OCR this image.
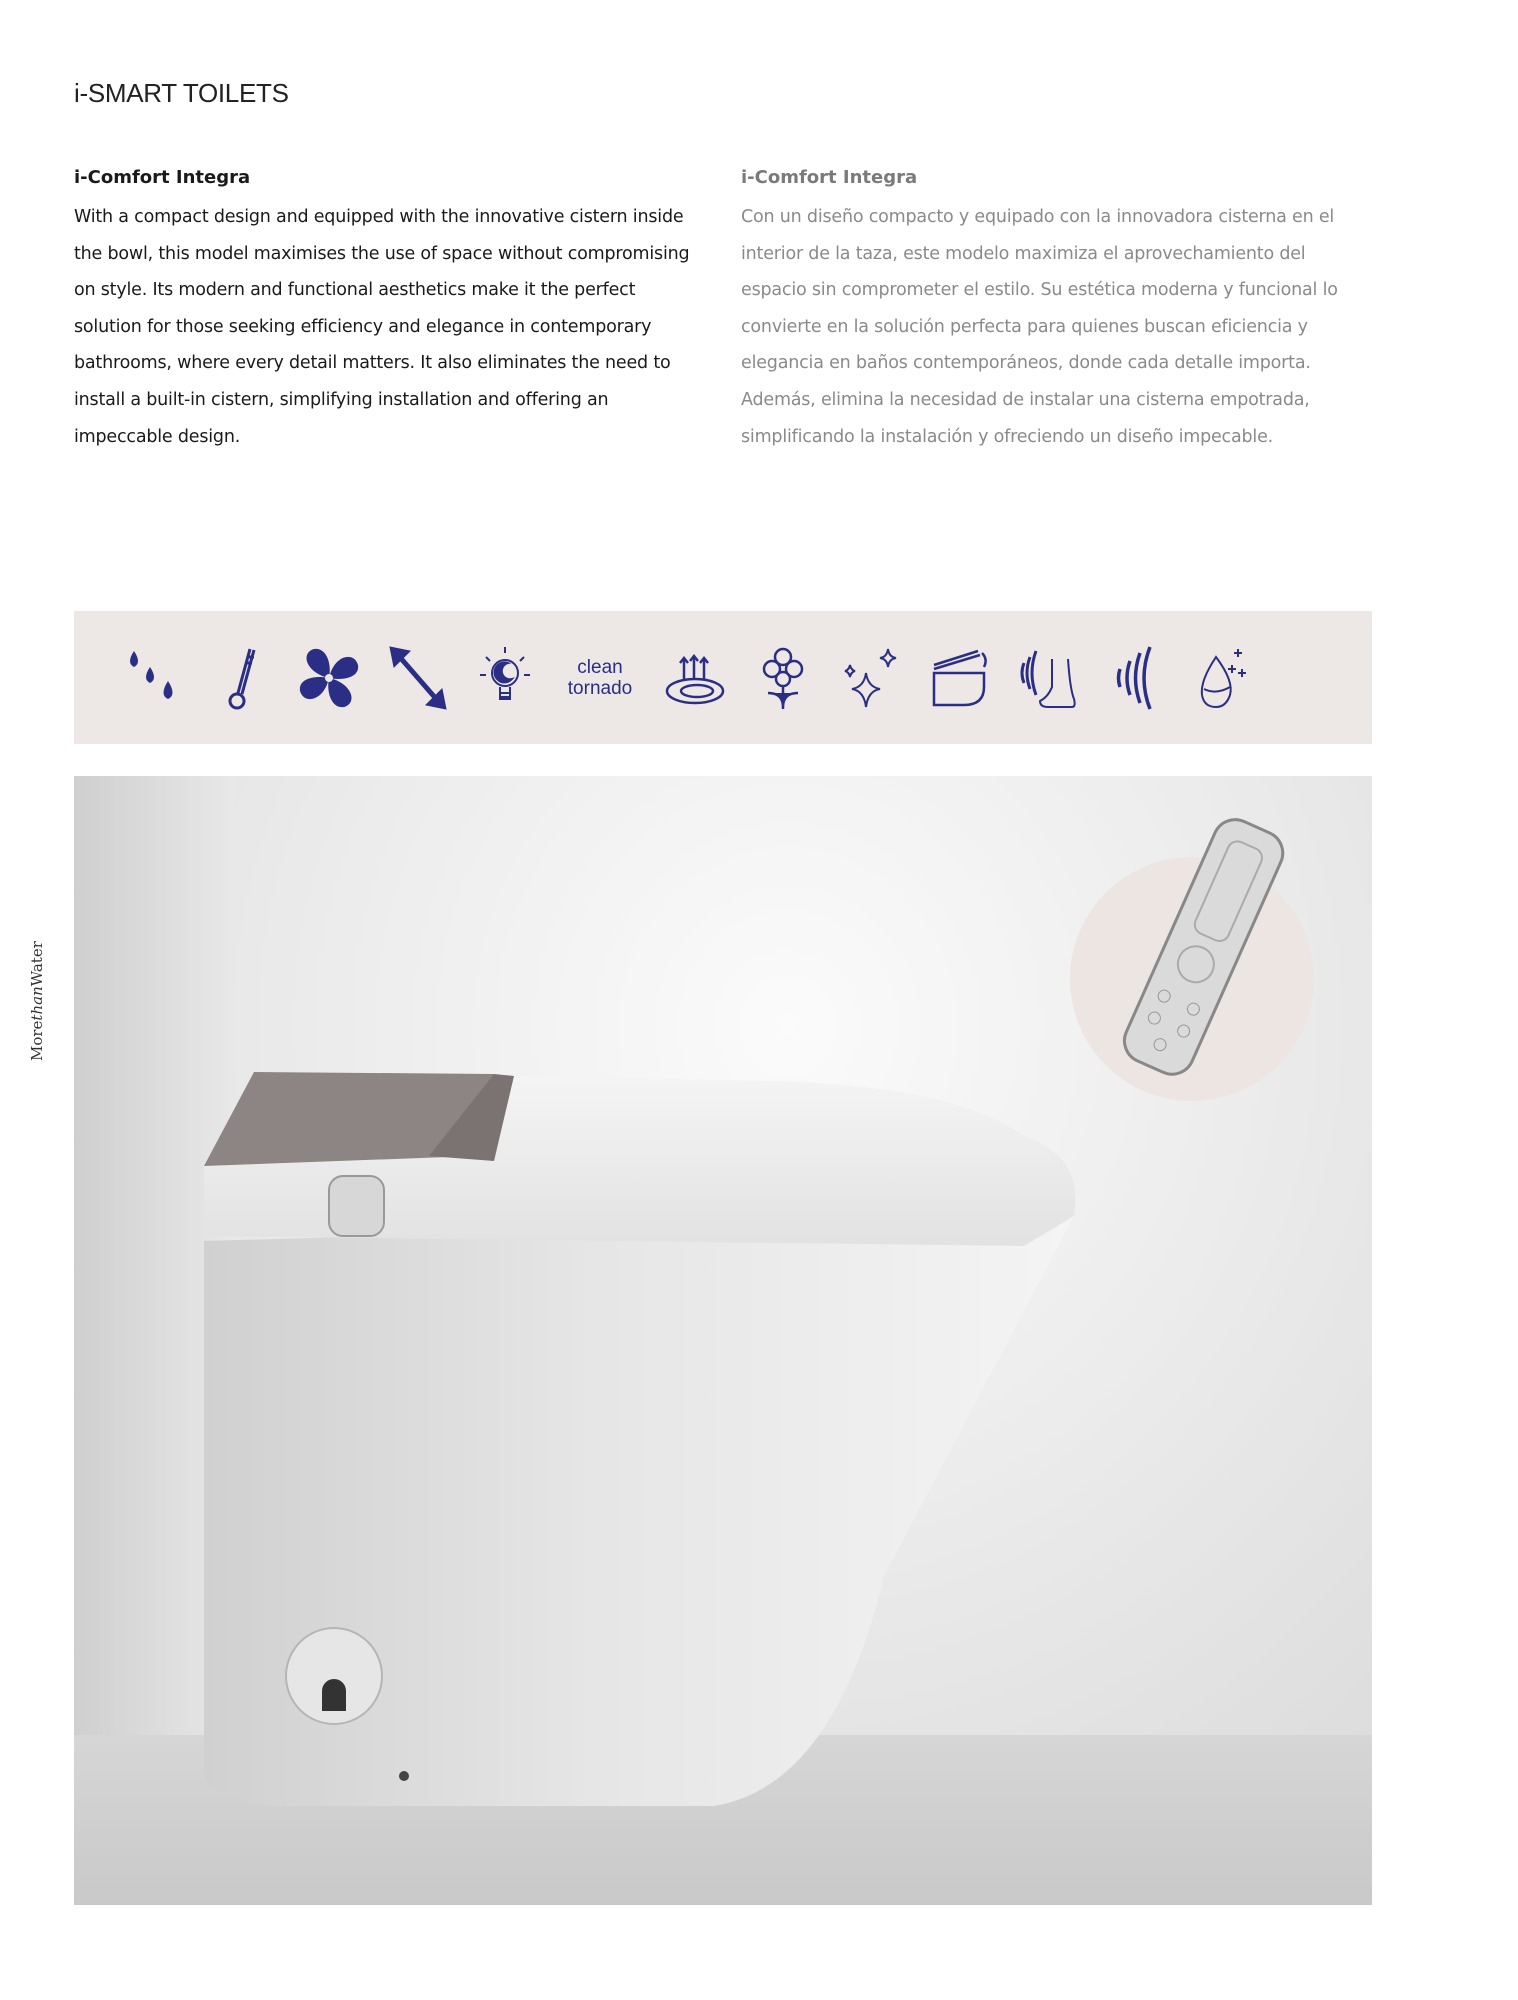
i-SMART TOILETS
i-Comfort Integra

With a compact design and equipped with the innovative cistern inside the bowl, this model maximises the use of space without compromising on style. Its modern and functional aesthetics make it the perfect solution for those seeking efficiency and elegance in contemporary bathrooms, where every detail matters. It also eliminates the need to install a built-in cistern, simplifying installation and offering an impeccable design.

i-Comfort Integra

Con un diseño compacto y equipado con la innovadora cisterna en el interior de la taza, este modelo maximiza el aprovechamiento del espacio sin comprometer el estilo. Su estética moderna y funcional lo convierte en la solución perfecta para quienes buscan eficiencia y elegancia en baños contemporáneos, donde cada detalle importa. Además, elimina la necesidad de instalar una cisterna empotrada, simplificando la instalación y ofreciendo un diseño impecable.

clean
tornado
MorethanWater
